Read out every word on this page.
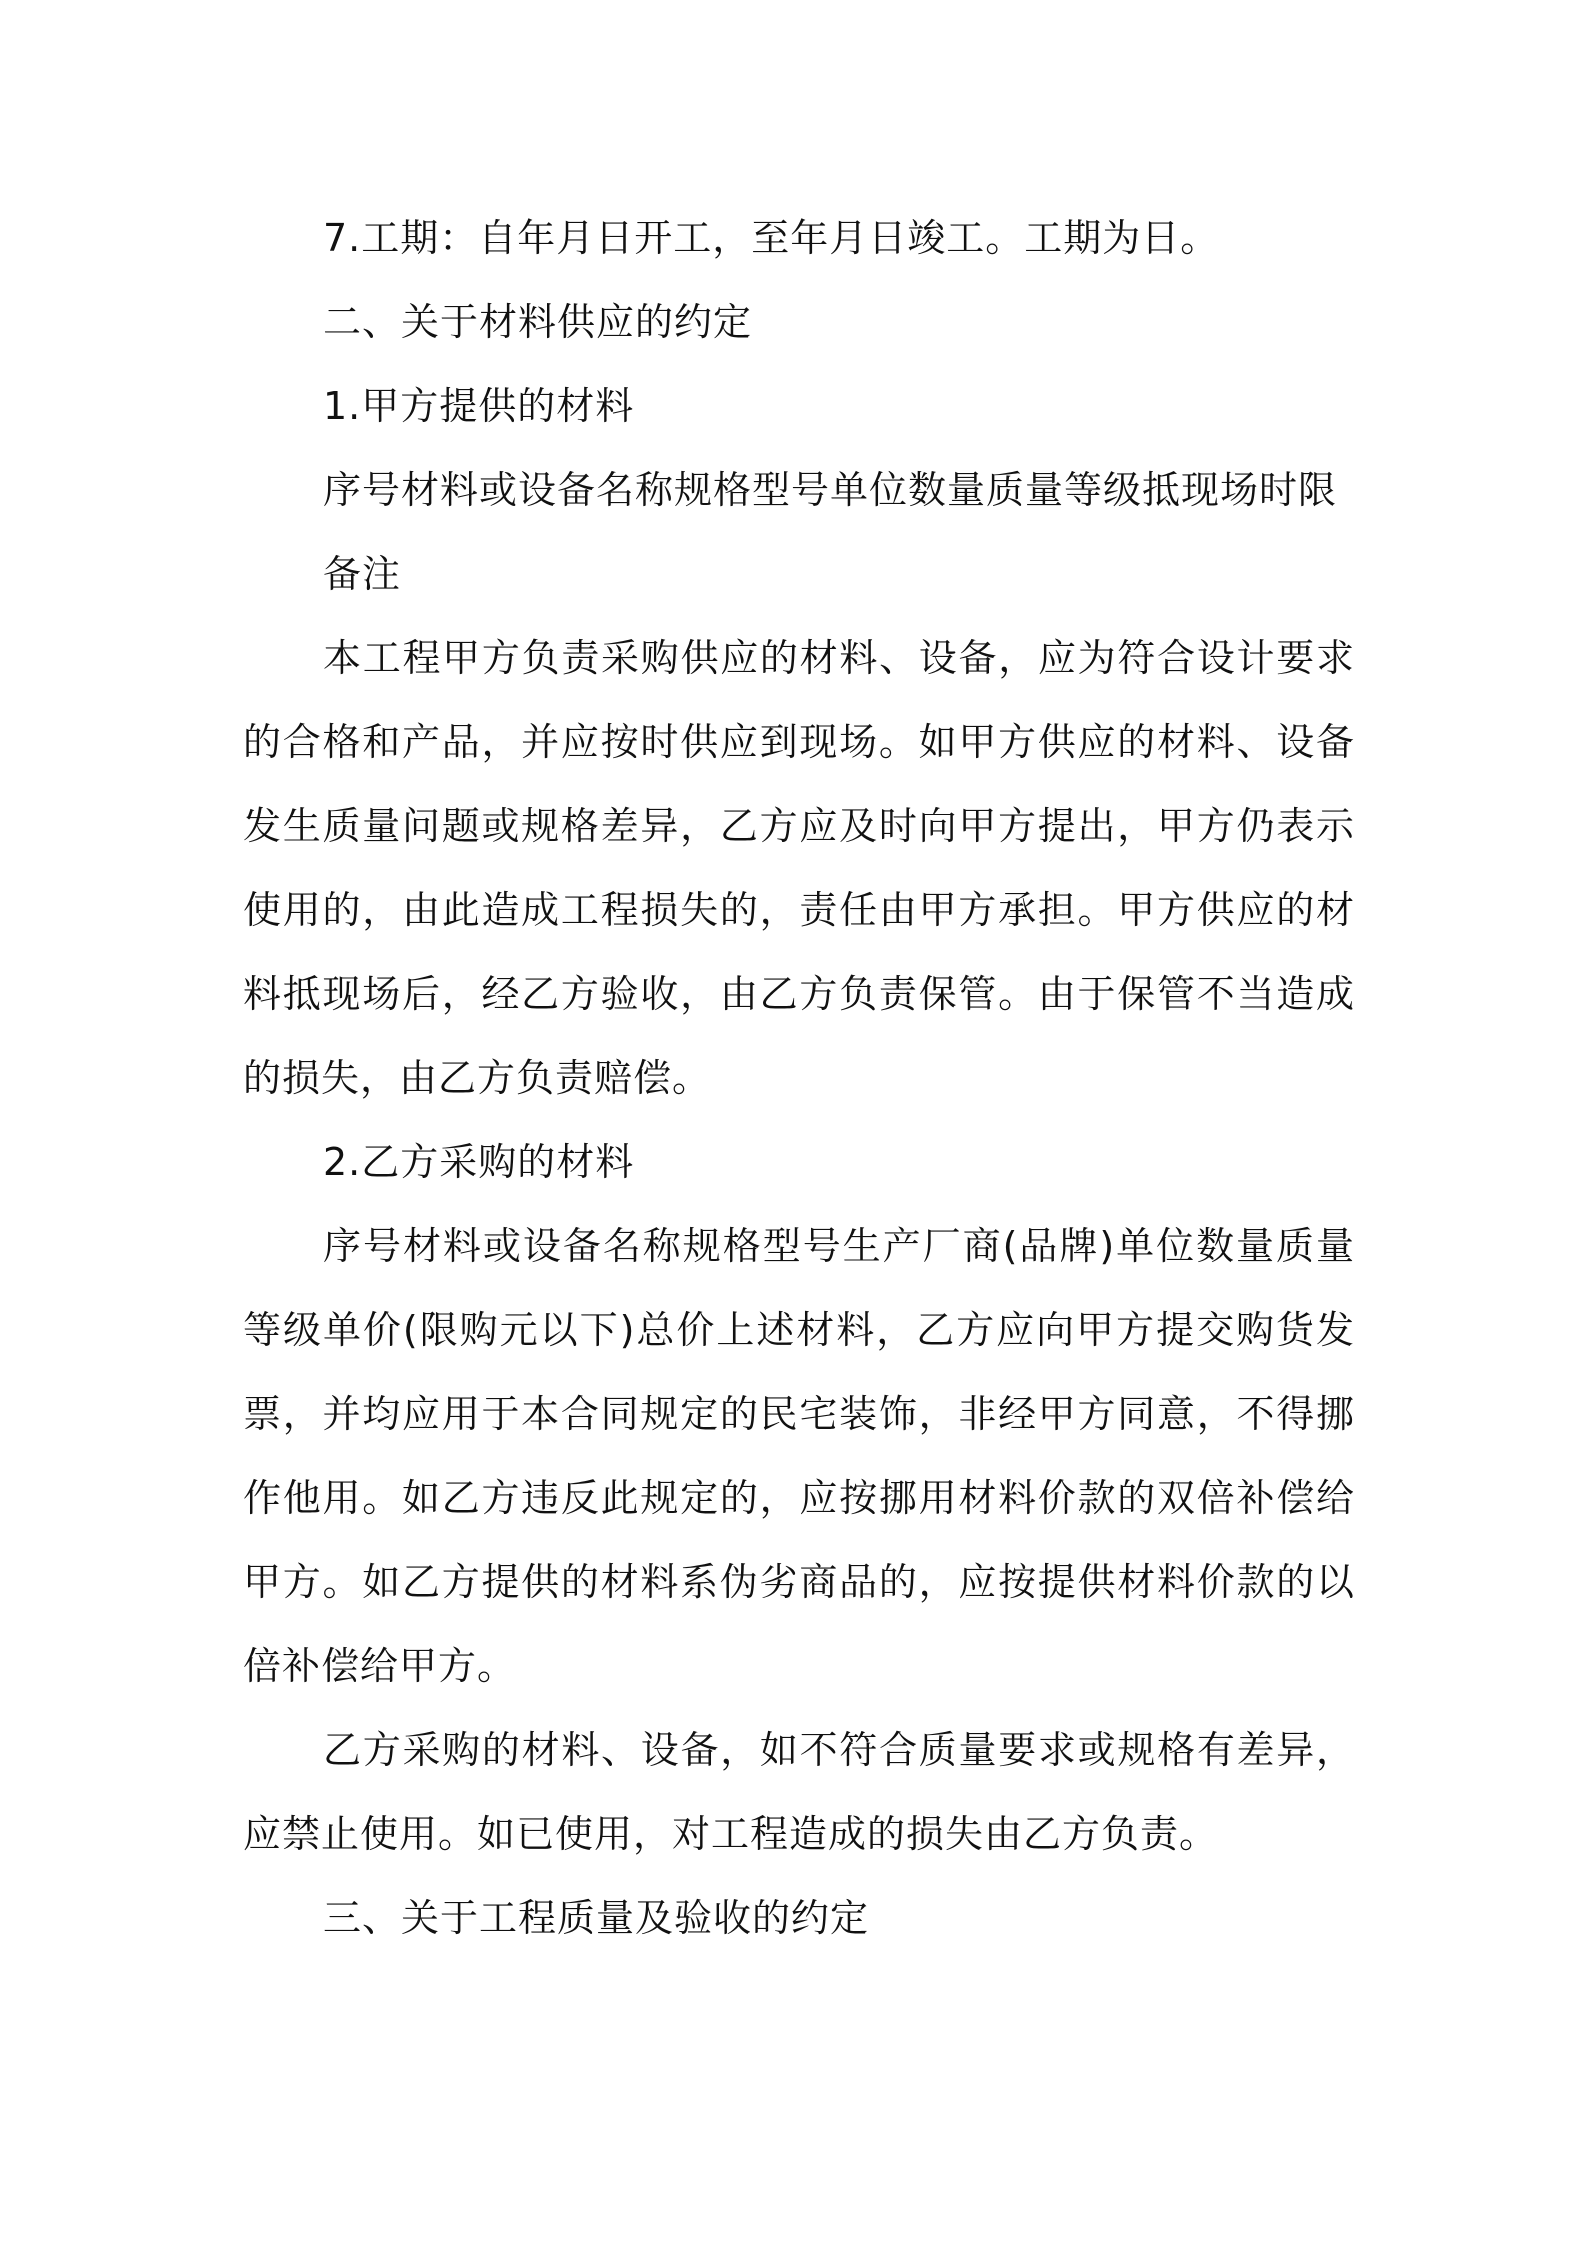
7.工期：自年月日开工，至年月日竣工。工期为日。

二、关于材料供应的约定

1.甲方提供的材料

序号材料或设备名称规格型号单位数量质量等级抵现场时限

备注

本工程甲方负责采购供应的材料、设备，应为符合设计要求的合格和产品，并应按时供应到现场。如甲方供应的材料、设备发生质量问题或规格差异，乙方应及时向甲方提出，甲方仍表示使用的，由此造成工程损失的，责任由甲方承担。甲方供应的材料抵现场后，经乙方验收，由乙方负责保管。由于保管不当造成的损失，由乙方负责赔偿。

2.乙方采购的材料

序号材料或设备名称规格型号生产厂商(品牌)单位数量质量等级单价(限购元以下)总价上述材料，乙方应向甲方提交购货发票，并均应用于本合同规定的民宅装饰，非经甲方同意，不得挪作他用。如乙方违反此规定的，应按挪用材料价款的双倍补偿给甲方。如乙方提供的材料系伪劣商品的，应按提供材料价款的以倍补偿给甲方。

乙方采购的材料、设备，如不符合质量要求或规格有差异，应禁止使用。如已使用，对工程造成的损失由乙方负责。

三、关于工程质量及验收的约定
